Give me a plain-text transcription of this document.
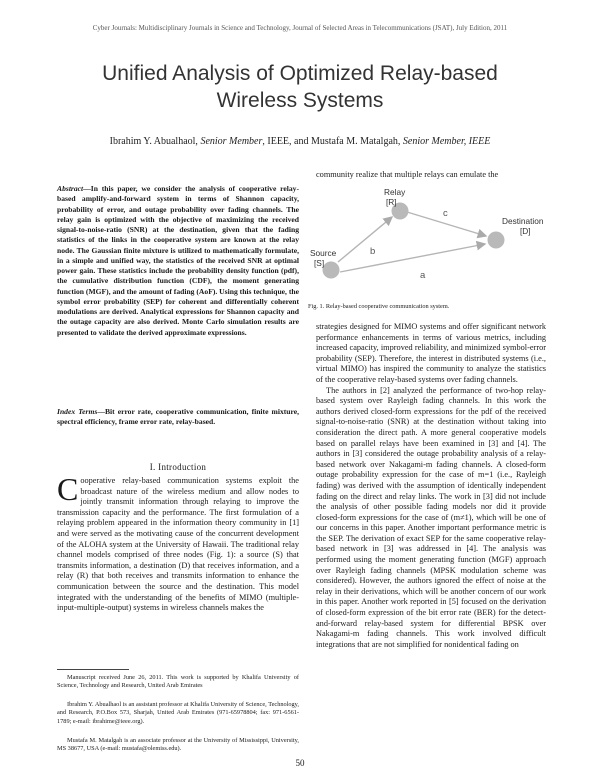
Cyber Journals: Multidisciplinary Journals in Science and Technology, Journal of Selected Areas in Telecommunications (JSAT), July Edition, 2011
Unified Analysis of Optimized Relay-based
Wireless Systems
Ibrahim Y. Abualhaol, Senior Member, IEEE, and Mustafa M. Matalgah, Senior Member, IEEE
Abstract—In this paper, we consider the analysis of cooperative relay-based amplify-and-forward system in terms of Shannon capacity, probability of error, and outage probability over fading channels. The relay gain is optimized with the objective of maximizing the received signal-to-noise-ratio (SNR) at the destination, given that the fading statistics of the links in the cooperative system are known at the relay node. The Gaussian finite mixture is utilized to mathematically formulate, in a simple and unified way, the statistics of the received SNR at optimal power gain. These statistics include the probability density function (pdf), the cumulative distribution function (CDF), the moment generating function (MGF), and the amount of fading (AoF). Using this technique, the symbol error probability (SEP) for coherent and differentially coherent modulations are derived. Analytical expressions for Shannon capacity and the outage capacity are also derived. Monte Carlo simulation results are presented to validate the derived approximate expressions.
Index Terms—Bit error rate, cooperative communication, finite mixture, spectral efficiency, frame error rate, relay-based.
I. Introduction
Cooperative relay-based communication systems exploit the broadcast nature of the wireless medium and allow nodes to jointly transmit information through relaying to improve the transmission capacity and the performance. The first formulation of a relaying problem appeared in the information theory community in [1] and were served as the motivating cause of the concurrent development of the ALOHA system at the University of Hawaii. The traditional relay channel models comprised of three nodes (Fig. 1): a source (S) that transmits information, a destination (D) that receives information, and a relay (R) that both receives and transmits information to enhance the communication between the source and the destination. This model integrated with the understanding of the benefits of MIMO (multiple-input-multiple-output) systems in wireless channels makes the
Manuscript received June 26, 2011. This work is supported by Khalifa University of Science, Technology and Research, United Arab Emirates
Ibrahim Y. Abualhaol is an assistant professor at Khalifa University of Science, Technology, and Research, P.O.Box 573, Sharjah, United Arab Emirates (971-65978804; fax: 971-6561-1789; e-mail: ibrahime@ieee.org).
Mustafa M. Matalgah is an associate professor at the University of Mississippi, University, MS 38677, USA (e-mail: mustafa@olemiss.edu).
community realize that multiple relays can emulate the
Relay
[R]
Destination
[D]
Source
[S]
b
c
a
Fig. 1. Relay-based cooperative communication system.

strategies designed for MIMO systems and offer significant network performance enhancements in terms of various metrics, including increased capacity, improved reliability, and minimized symbol-error probability (SEP). Therefore, the interest in distributed systems (i.e., virtual MIMO) has inspired the community to analyze the statistics of the cooperative relay-based systems over fading channels.

The authors in [2] analyzed the performance of two-hop relay-based system over Rayleigh fading channels. In this work the authors derived closed-form expressions for the pdf of the received signal-to-noise-ratio (SNR) at the destination without taking into consideration the direct path. A more general cooperative models based on parallel relays have been examined in [3] and [4]. The authors in [3] considered the outage probability analysis of a relay-based network over Nakagami-m fading channels. A closed-form outage probability expression for the case of m=1 (i.e., Rayleigh fading) was derived with the assumption of identically independent fading on the direct and relay links. The work in [3] did not include the analysis of other possible fading models nor did it provide closed-form expressions for the case of (m≠1), which will be one of our concerns in this paper. Another important performance metric is the SEP. The derivation of exact SEP for the same cooperative relay-based network in [3] was addressed in [4]. The analysis was performed using the moment generating function (MGF) approach over Rayleigh fading channels (MPSK modulation scheme was considered). However, the authors ignored the effect of noise at the relay in their derivations, which will be another concern of our work in this paper. Another work reported in [5] focused on the derivation of closed-form expression of the bit error rate (BER) for the detect-and-forward relay-based system for differential BPSK over Nakagami-m fading channels. This work involved difficult integrations that are not simplified for nonidentical fading on

50
